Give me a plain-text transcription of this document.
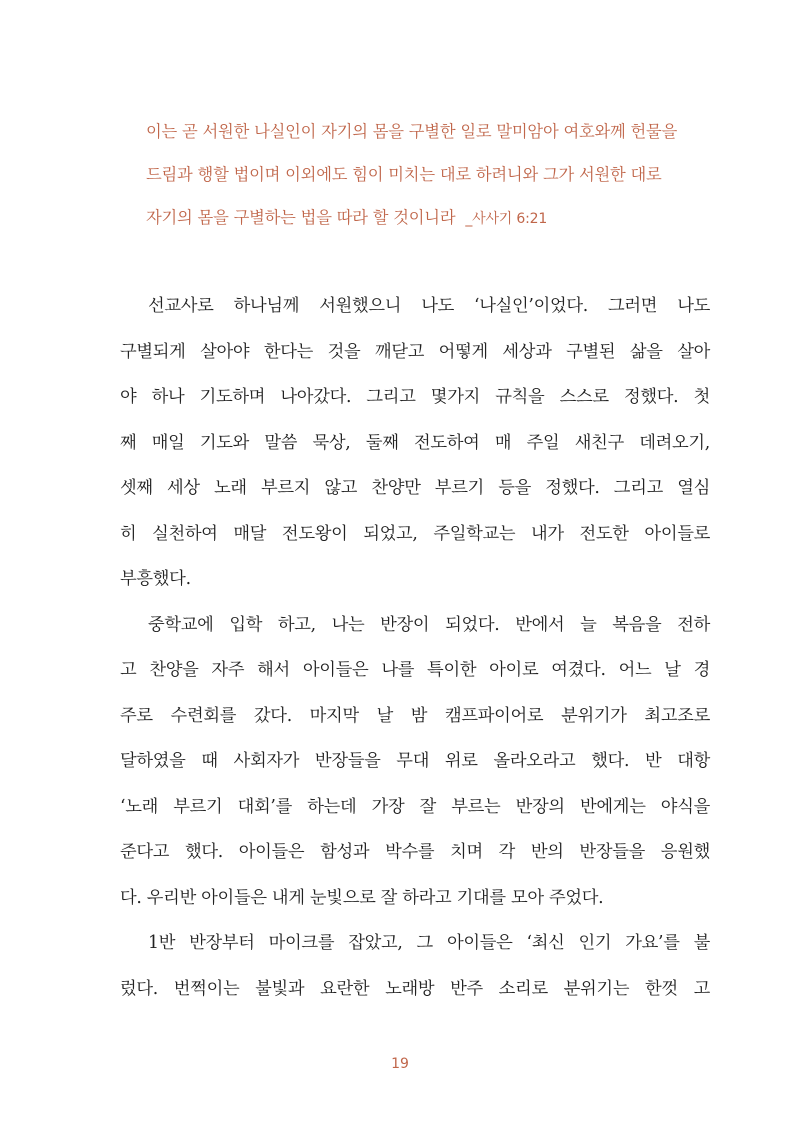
이는 곧 서원한 나실인이 자기의 몸을 구별한 일로 말미암아 여호와께 헌물을
드림과 행할 법이며 이외에도 힘이 미치는 대로 하려니와 그가 서원한 대로
자기의 몸을 구별하는 법을 따라 할 것이니라 _사사기 6:21
선교사로 하나님께 서원했으니 나도 ‘나실인’이었다. 그러면 나도
구별되게 살아야 한다는 것을 깨닫고 어떻게 세상과 구별된 삶을 살아
야 하나 기도하며 나아갔다. 그리고 몇가지 규칙을 스스로 정했다. 첫
째 매일 기도와 말씀 묵상, 둘째 전도하여 매 주일 새친구 데려오기,
셋째 세상 노래 부르지 않고 찬양만 부르기 등을 정했다. 그리고 열심
히 실천하여 매달 전도왕이 되었고, 주일학교는 내가 전도한 아이들로
부흥했다.
중학교에 입학 하고, 나는 반장이 되었다. 반에서 늘 복음을 전하
고 찬양을 자주 해서 아이들은 나를 특이한 아이로 여겼다. 어느 날 경
주로 수련회를 갔다. 마지막 날 밤 캠프파이어로 분위기가 최고조로
달하였을 때 사회자가 반장들을 무대 위로 올라오라고 했다. 반 대항
‘노래 부르기 대회’를 하는데 가장 잘 부르는 반장의 반에게는 야식을
준다고 했다. 아이들은 함성과 박수를 치며 각 반의 반장들을 응원했
다. 우리반 아이들은 내게 눈빛으로 잘 하라고 기대를 모아 주었다.
1반 반장부터 마이크를 잡았고, 그 아이들은 ‘최신 인기 가요’를 불
렀다. 번쩍이는 불빛과 요란한 노래방 반주 소리로 분위기는 한껏 고
19
